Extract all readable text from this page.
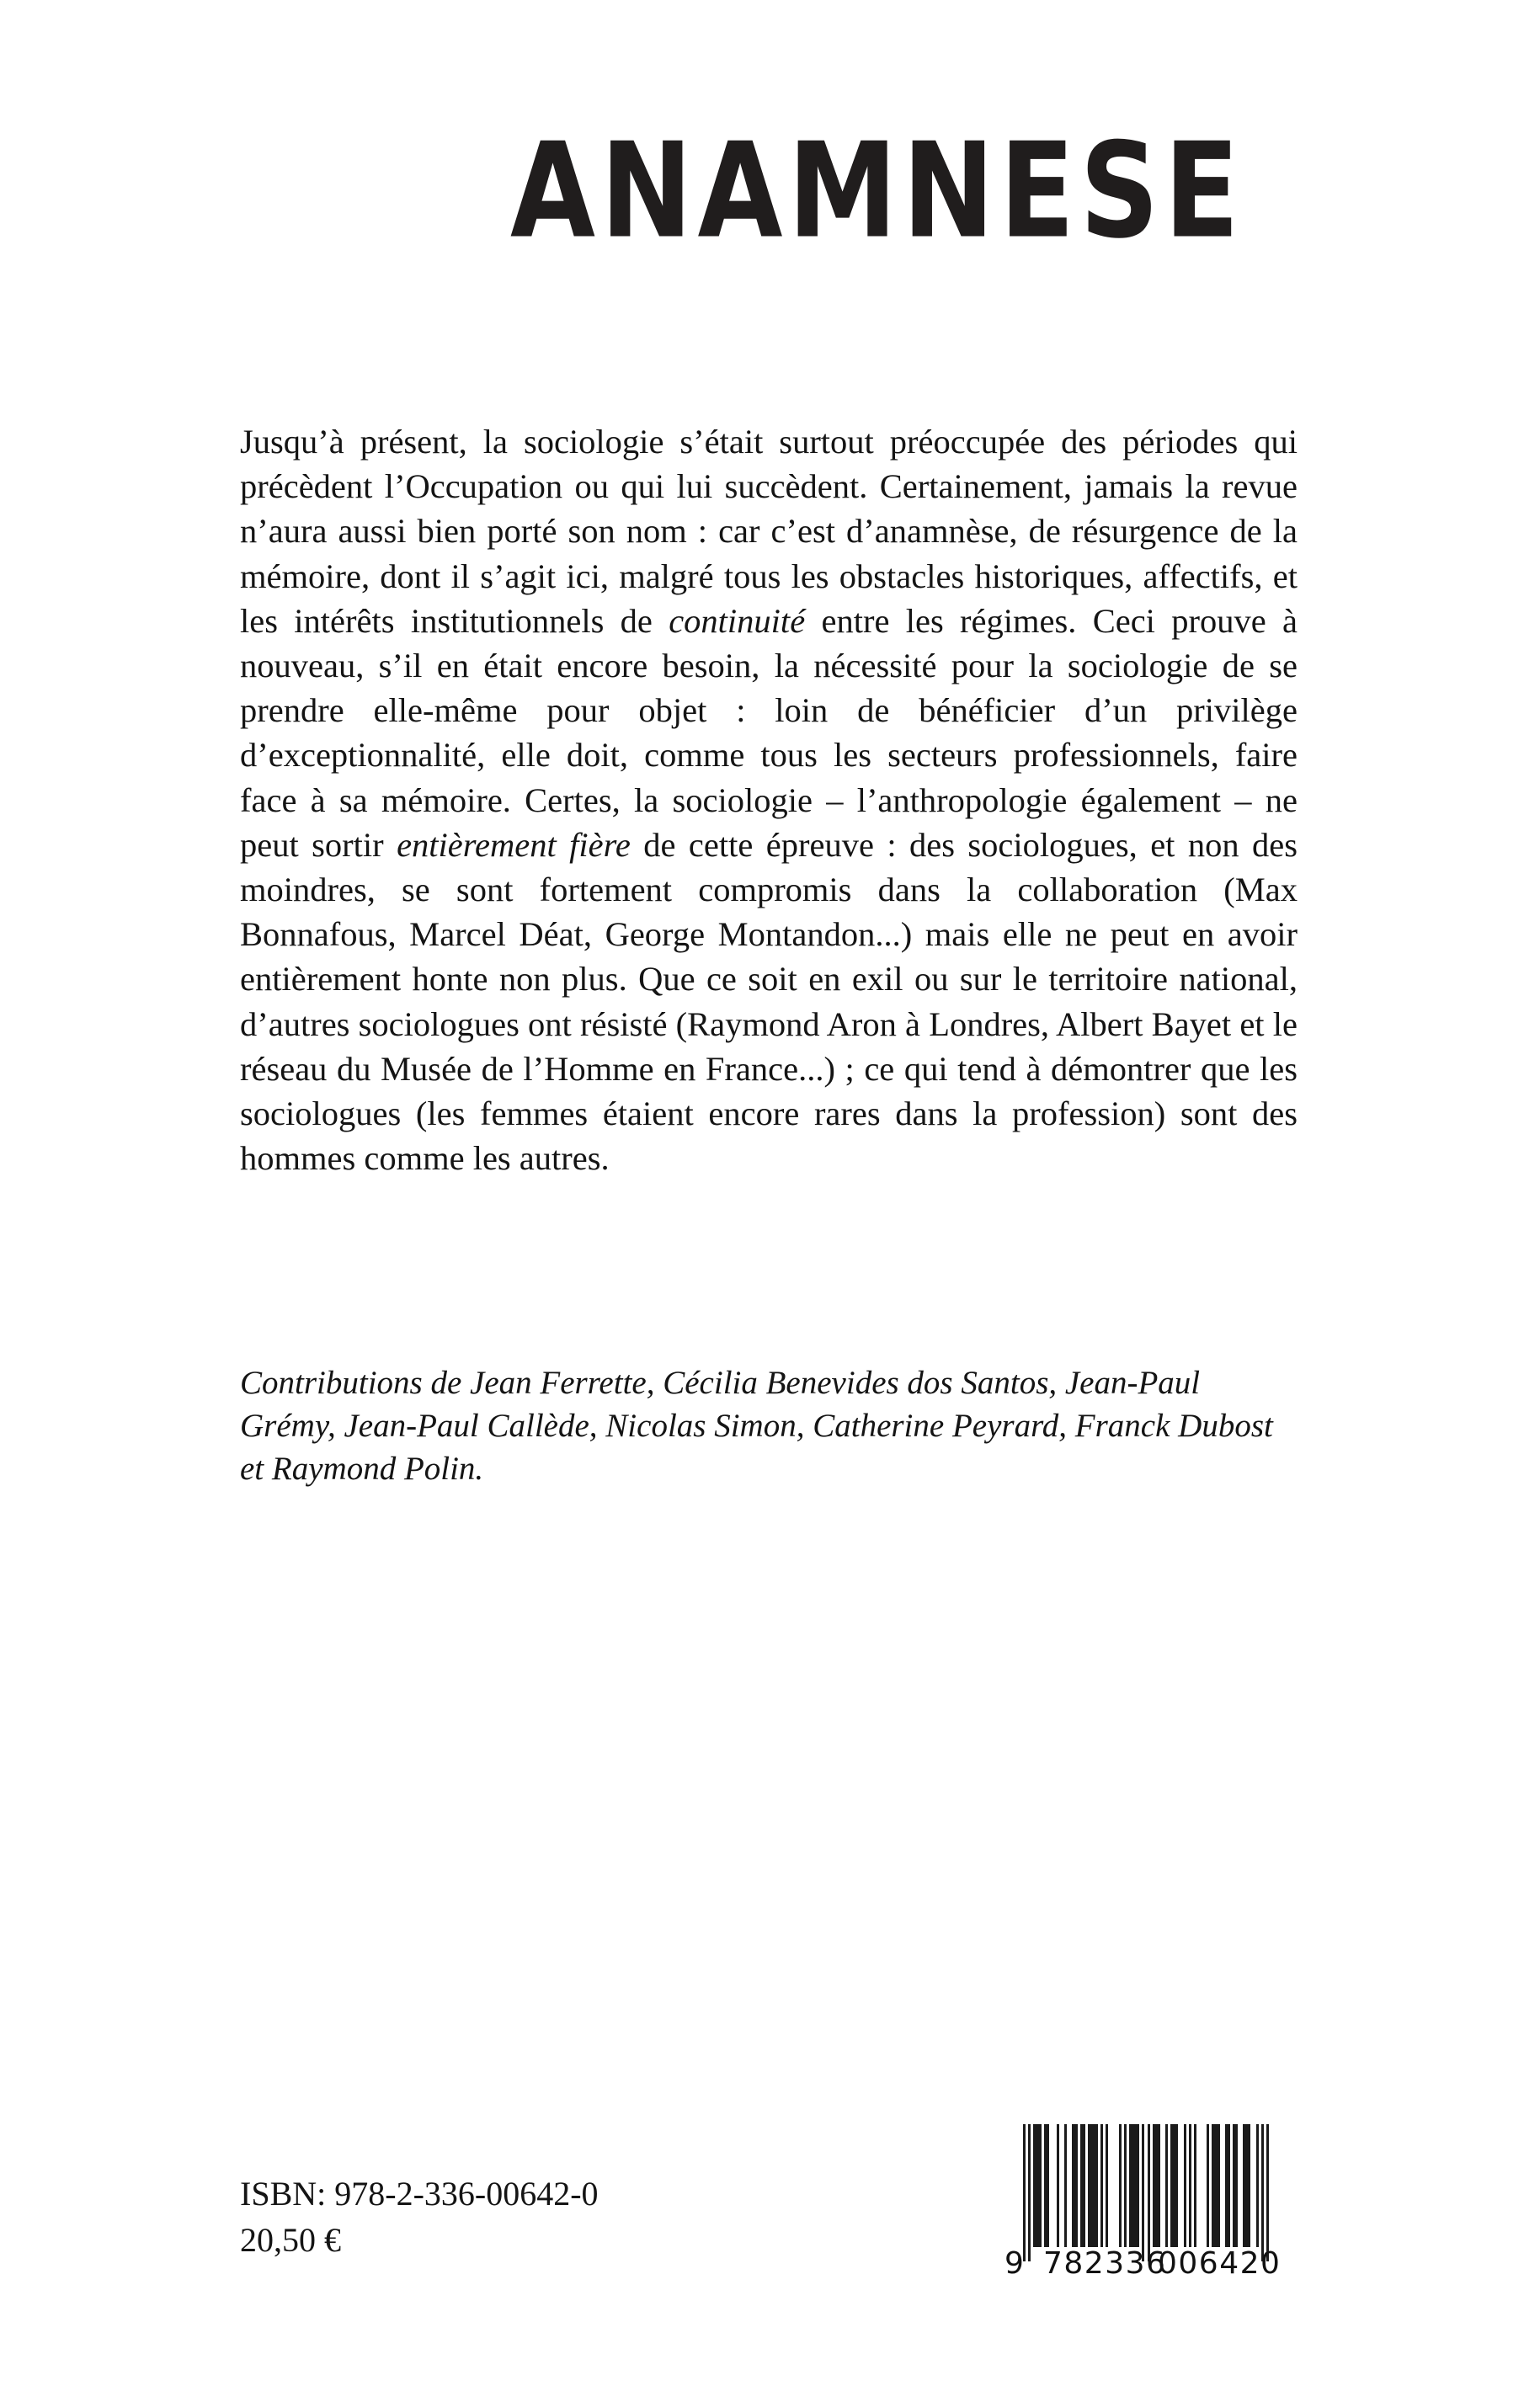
ANAMNESE
Jusqu’à présent, la sociologie s’était surtout préoccupée des périodes qui précèdent l’Occupation ou qui lui succèdent. Certainement, jamais la revue n’aura aussi bien porté son nom : car c’est d’anamnèse, de résurgence de la mémoire, dont il s’agit ici, malgré tous les obstacles historiques, affectifs, et les intérêts institutionnels de continuité entre les régimes. Ceci prouve à nouveau, s’il en était encore besoin, la nécessité pour la sociologie de se prendre elle-même pour objet : loin de bénéficier d’un privilège d’exceptionnalité, elle doit, comme tous les secteurs professionnels, faire face à sa mémoire. Certes, la sociologie – l’anthropologie également – ne peut sortir entièrement fière de cette épreuve : des sociologues, et non des moindres, se sont fortement compromis dans la collaboration (Max Bonnafous, Marcel Déat, George Montandon...) mais elle ne peut en avoir entièrement honte non plus. Que ce soit en exil ou sur le territoire national, d’autres sociologues ont résisté (Raymond Aron à Londres, Albert Bayet et le réseau du Musée de l’Homme en France...) ; ce qui tend à démontrer que les sociologues (les femmes étaient encore rares dans la profession) sont des hommes comme les autres.
Contributions de Jean Ferrette, Cécilia Benevides dos Santos, Jean-Paul Grémy, Jean-Paul Callède, Nicolas Simon, Catherine Peyrard, Franck Dubost et Raymond Polin.
ISBN: 978-2-336-00642-0
20,50 €
9 782336
006420
